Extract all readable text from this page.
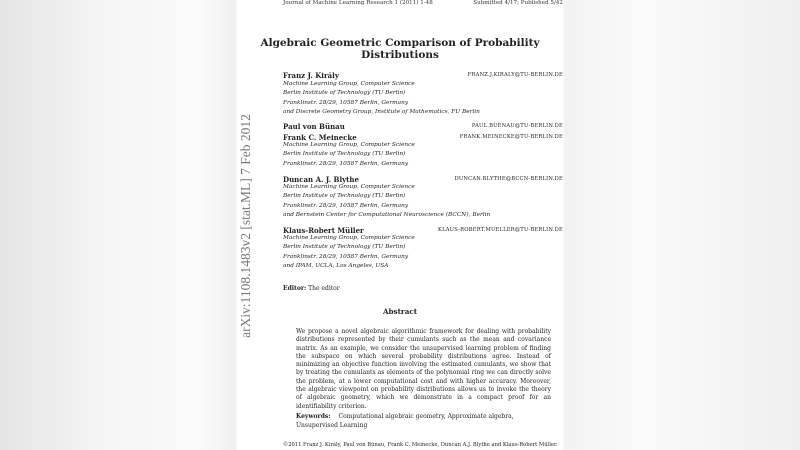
Journal of Machine Learning Research 1 (2011) 1-48	Submitted 4/17; Published 5/42
arXiv:1108.1483v2 [stat.ML] 7 Feb 2012
Algebraic Geometric Comparison of Probability Distributions
Franz J. Király	FRANZ.J.KIRALY@TU-BERLIN.DE
Machine Learning Group, Computer Science
Berlin Institute of Technology (TU Berlin)
Franklinstr. 28/29, 10587 Berlin, Germany
and Discrete Geometry Group, Institute of Mathematics, FU Berlin
Paul von Bünau	PAUL.BUENAU@TU-BERLIN.DE
Frank C. Meinecke	FRANK.MEINECKE@TU-BERLIN.DE
Machine Learning Group, Computer Science
Berlin Institute of Technology (TU Berlin)
Franklinstr. 28/29, 10587 Berlin, Germany
Duncan A. J. Blythe	DUNCAN.BLYTHE@BCCN-BERLIN.DE
Machine Learning Group, Computer Science
Berlin Institute of Technology (TU Berlin)
Franklinstr. 28/29, 10587 Berlin, Germany
and Bernstein Center for Computational Neuroscience (BCCN), Berlin
Klaus-Robert Müller	KLAUS-ROBERT.MUELLER@TU-BERLIN.DE
Machine Learning Group, Computer Science
Berlin Institute of Technology (TU Berlin)
Franklinstr. 28/29, 10587 Berlin, Germany
and IPAM, UCLA, Los Angeles, USA
Editor: The editor
Abstract
We propose a novel algebraic algorithmic framework for dealing with probability distributions represented by their cumulants such as the mean and covariance matrix. As an example, we consider the unsupervised learning problem of finding the subspace on which several probability distributions agree. Instead of minimizing an objective function involving the estimated cumulants, we show that by treating the cumulants as elements of the polynomial ring we can directly solve the problem, at a lower computational cost and with higher accuracy. Moreover, the algebraic viewpoint on probability distributions allows us to invoke the theory of algebraic geometry, which we demonstrate in a compact proof for an identifiability criterion.
Keywords: Computational algebraic geometry, Approximate algebra, Unsupervised Learning
©2011 Franz J. Király, Paul von Bünau, Frank C. Meinecke, Duncan A.J. Blythe and Klaus-Robert Müller.
